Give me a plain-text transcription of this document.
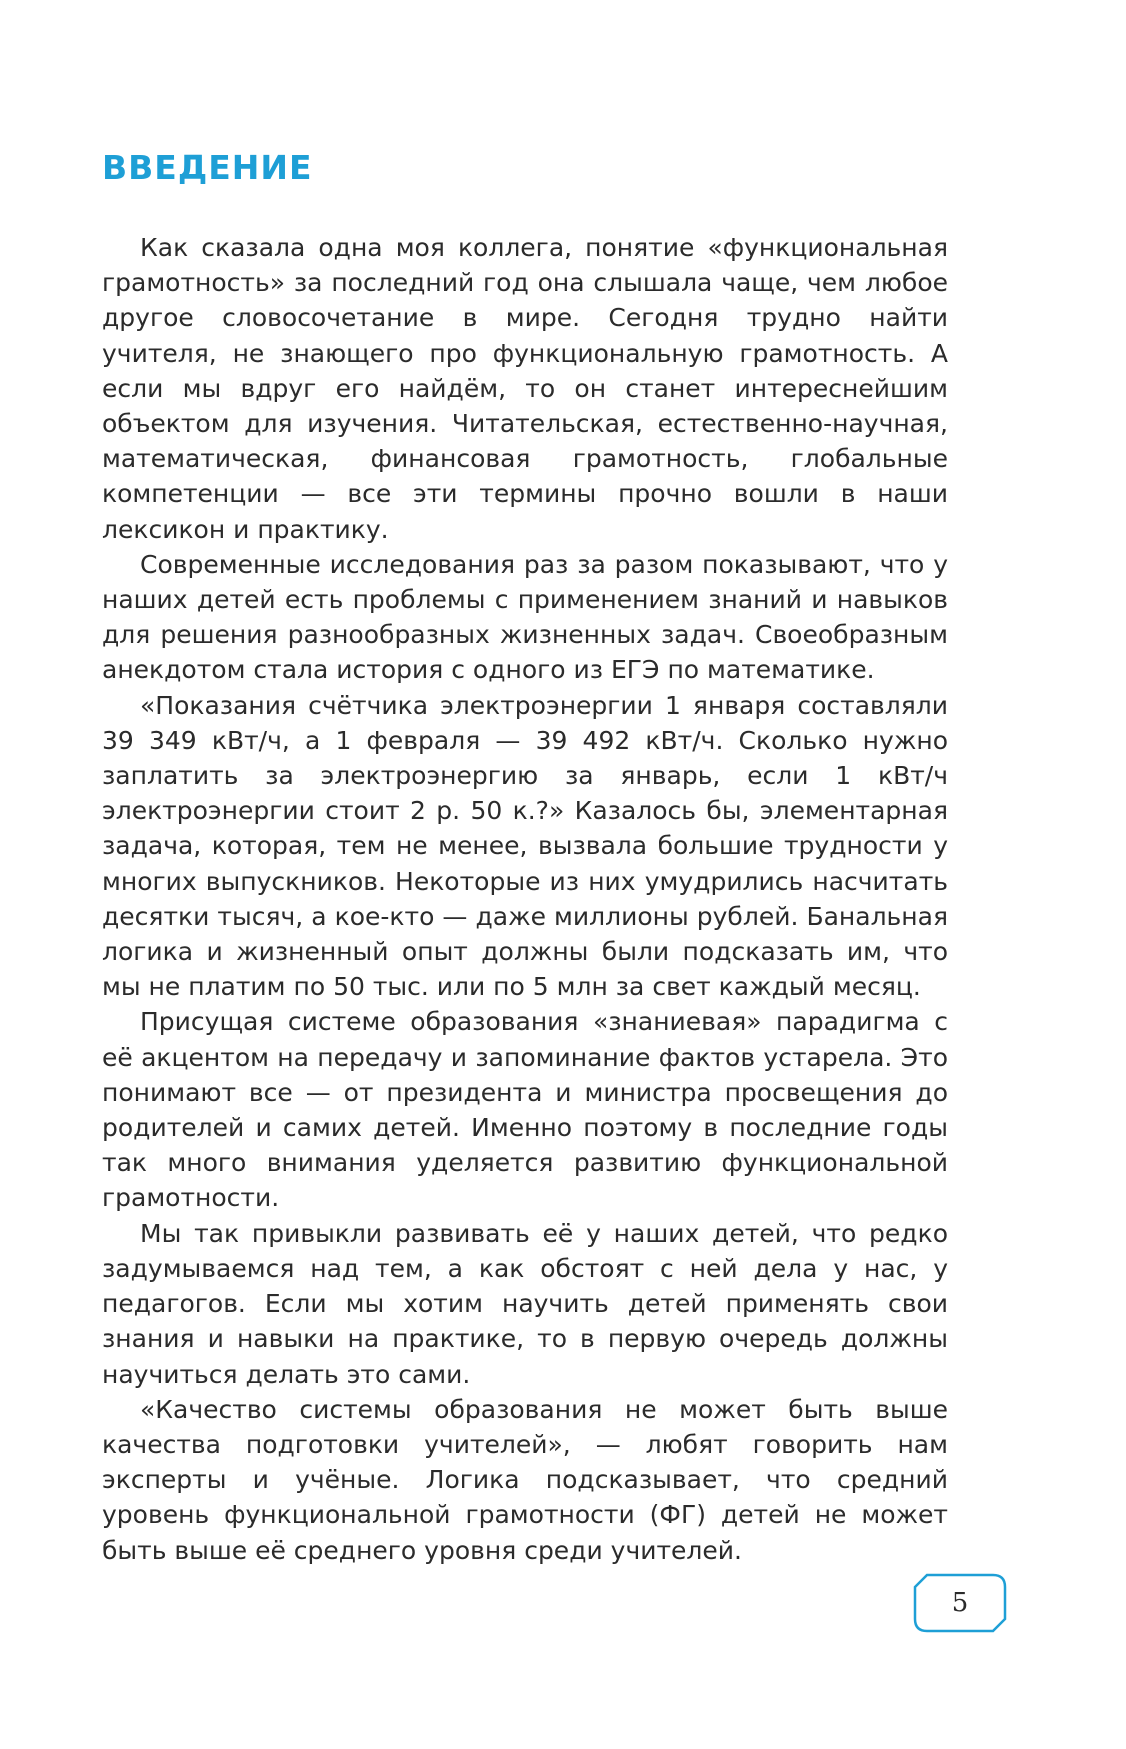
ВВЕДЕНИЕ

Как сказала одна моя коллега, понятие «функциональная грамотность» за последний год она слышала чаще, чем любое другое словосочетание в мире. Сегодня трудно найти учителя, не знающего про функциональную грамотность. А если мы вдруг его найдём, то он станет интереснейшим объектом для изучения. Читательская, естественно-научная, математическая, финансовая грамотность, глобальные компетенции — все эти термины прочно вошли в наши лексикон и практику.

Современные исследования раз за разом показывают, что у наших детей есть проблемы с применением знаний и навыков для решения разнообразных жизненных задач. Своеобразным анекдотом стала история с одного из ЕГЭ по математике.

«Показания счётчика электроэнергии 1 января составляли 39 349 кВт/ч, а 1 февраля — 39 492 кВт/ч. Сколько нужно заплатить за электроэнергию за январь, если 1 кВт/ч электроэнергии стоит 2 р. 50 к.?» Казалось бы, элементарная задача, которая, тем не менее, вызвала большие трудности у многих выпускников. Некоторые из них умудрились насчитать десятки тысяч, а кое-кто — даже миллионы рублей. Банальная логика и жизненный опыт должны были подсказать им, что мы не платим по 50 тыс. или по 5 млн за свет каждый месяц.

Присущая системе образования «знаниевая» парадигма с её акцентом на передачу и запоминание фактов устарела. Это понимают все — от президента и министра просвещения до родителей и самих детей. Именно поэтому в последние годы так много внимания уделяется развитию функциональной грамотности.

Мы так привыкли развивать её у наших детей, что редко задумываемся над тем, а как обстоят с ней дела у нас, у педагогов. Если мы хотим научить детей применять свои знания и навыки на практике, то в первую очередь должны научиться делать это сами.

«Качество системы образования не может быть выше качества подготовки учителей», — любят говорить нам эксперты и учёные. Логика подсказывает, что средний уровень функциональной грамотности (ФГ) детей не может быть выше её среднего уровня среди учителей.

5
